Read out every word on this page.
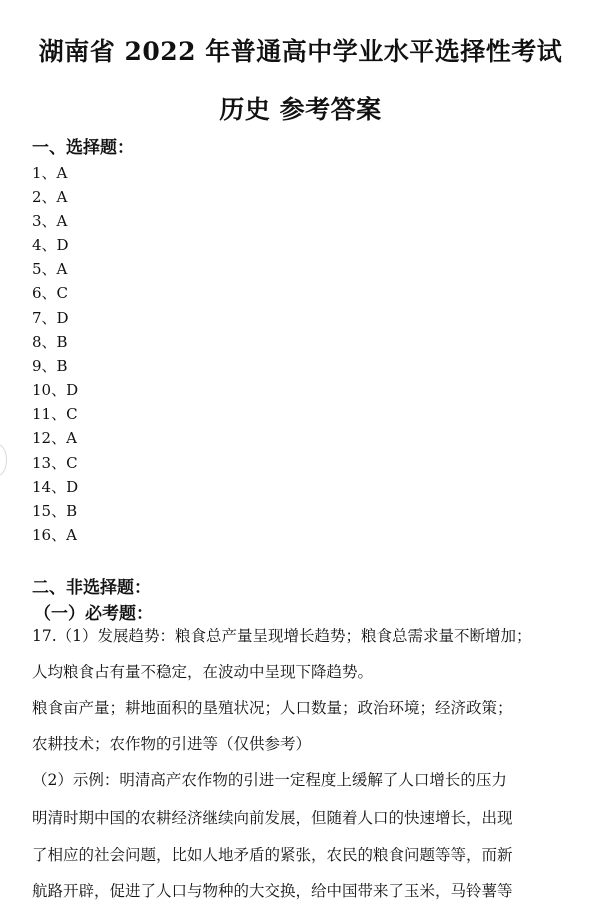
湖南省 2022 年普通高中学业水平选择性考试
历史 参考答案
一、选择题：
1、A
2、A
3、A
4、D
5、A
6、C
7、D
8、B
9、B
10、D
11、C
12、A
13、C
14、D
15、B
16、A
二、非选择题：
（一）必考题：
17.（1）发展趋势：粮食总产量呈现增长趋势；粮食总需求量不断增加；
人均粮食占有量不稳定，在波动中呈现下降趋势。
粮食亩产量；耕地面积的垦殖状况；人口数量；政治环境；经济政策；
农耕技术；农作物的引进等（仅供参考）
（2）示例：明清高产农作物的引进一定程度上缓解了人口增长的压力
明清时期中国的农耕经济继续向前发展，但随着人口的快速增长，出现
了相应的社会问题，比如人地矛盾的紧张，农民的粮食问题等等，而新
航路开辟，促进了人口与物种的大交换，给中国带来了玉米，马铃薯等
